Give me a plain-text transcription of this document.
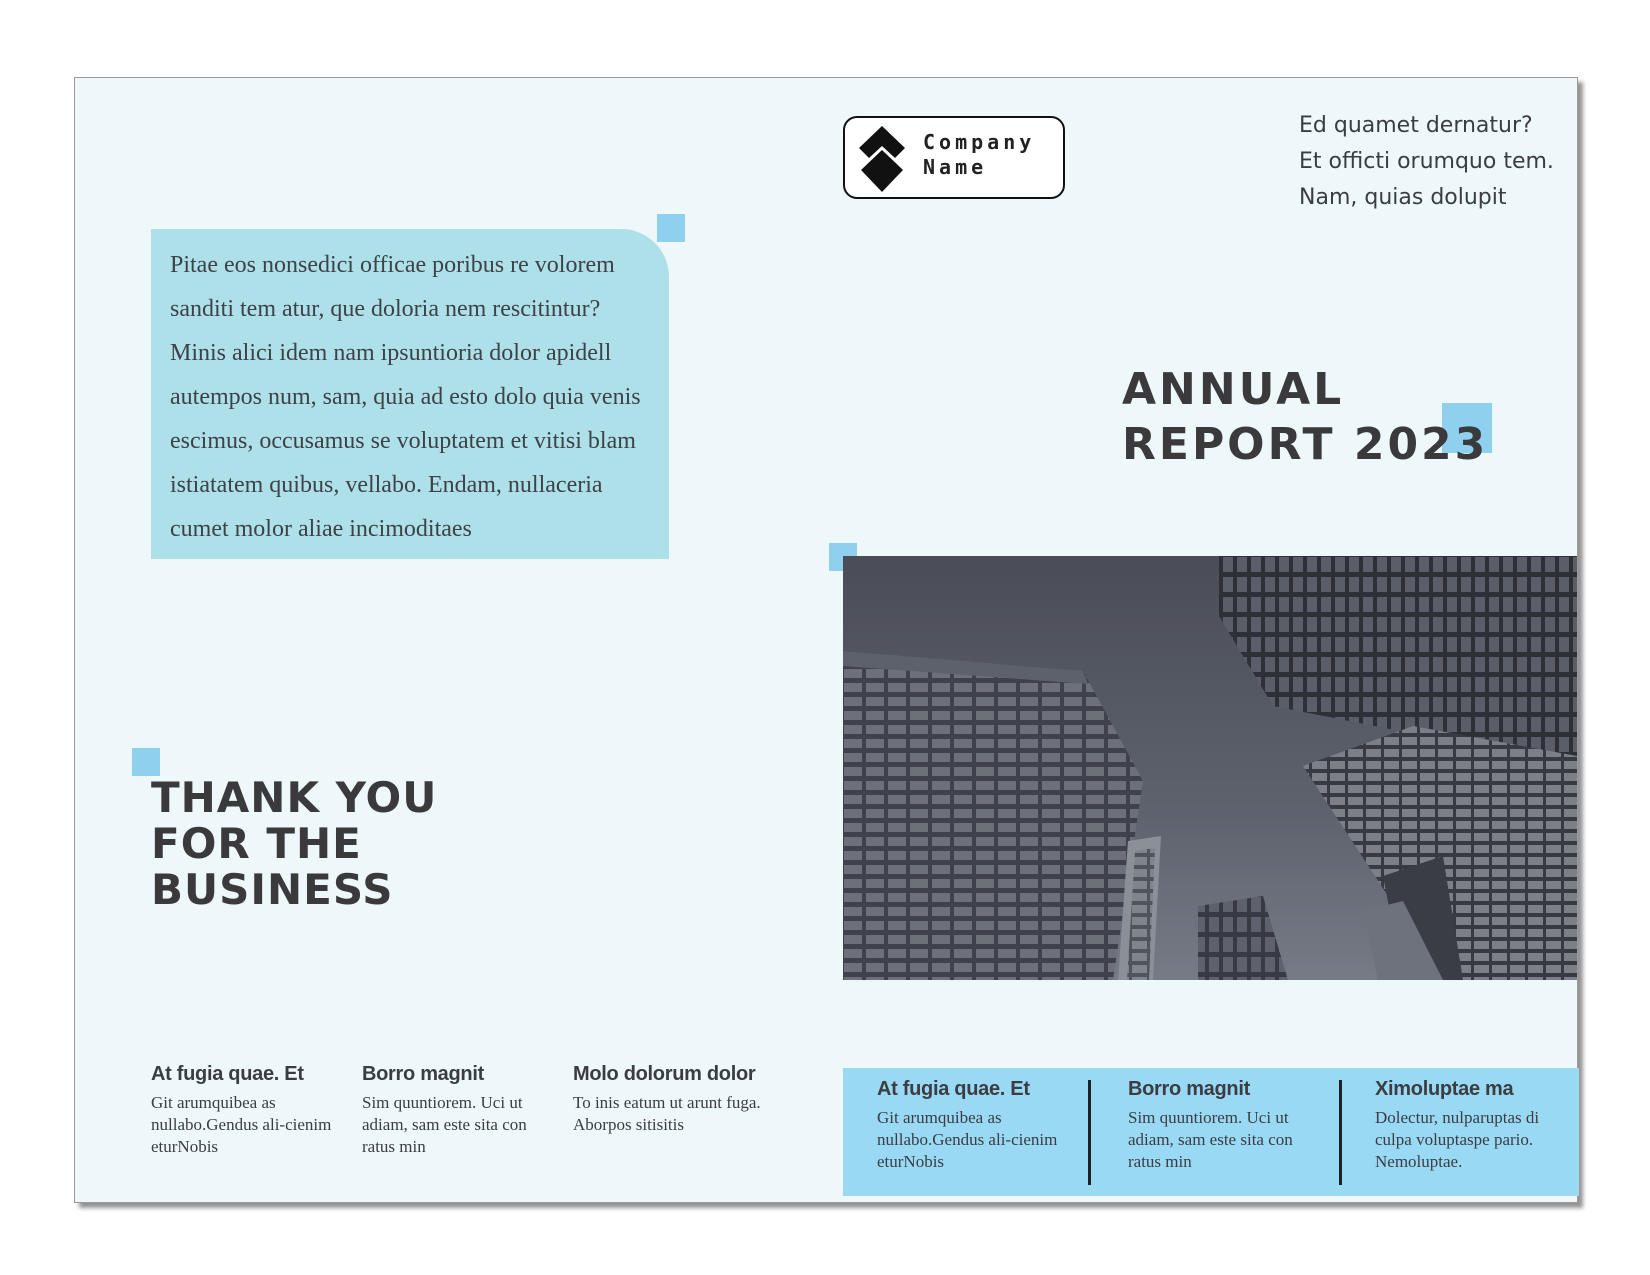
Pitae eos nonsedici officae poribus re volorem sanditi tem atur, que doloria nem rescitintur? Minis alici idem nam ipsuntioria dolor apidell autempos num, sam, quia ad esto dolo quia venis escimus, occusamus se voluptatem et vitisi blam istiatatem quibus, vellabo. Endam, nullaceria cumet molor aliae incimoditaes

THANK YOU
FOR THE
BUSINESS

At fugia quae. Et

Git arumquibea as nullabo.Gendus ali-cienim eturNobis

Borro magnit

Sim quuntiorem. Uci ut adiam, sam este sita con ratus min

Molo dolorum dolor

To inis eatum ut arunt fuga. Aborpos sitisitis

Company
Name
Ed quamet dernatur?
Et officti orumquo tem.
Nam, quias dolupit
ANNUAL
REPORT 2023

At fugia quae. Et

Git arumquibea as nullabo.Gendus ali-cienim eturNobis

Borro magnit

Sim quuntiorem. Uci ut adiam, sam este sita con ratus min

Ximoluptae ma

Dolectur, nulparuptas di culpa voluptaspe pario. Nemoluptae.
